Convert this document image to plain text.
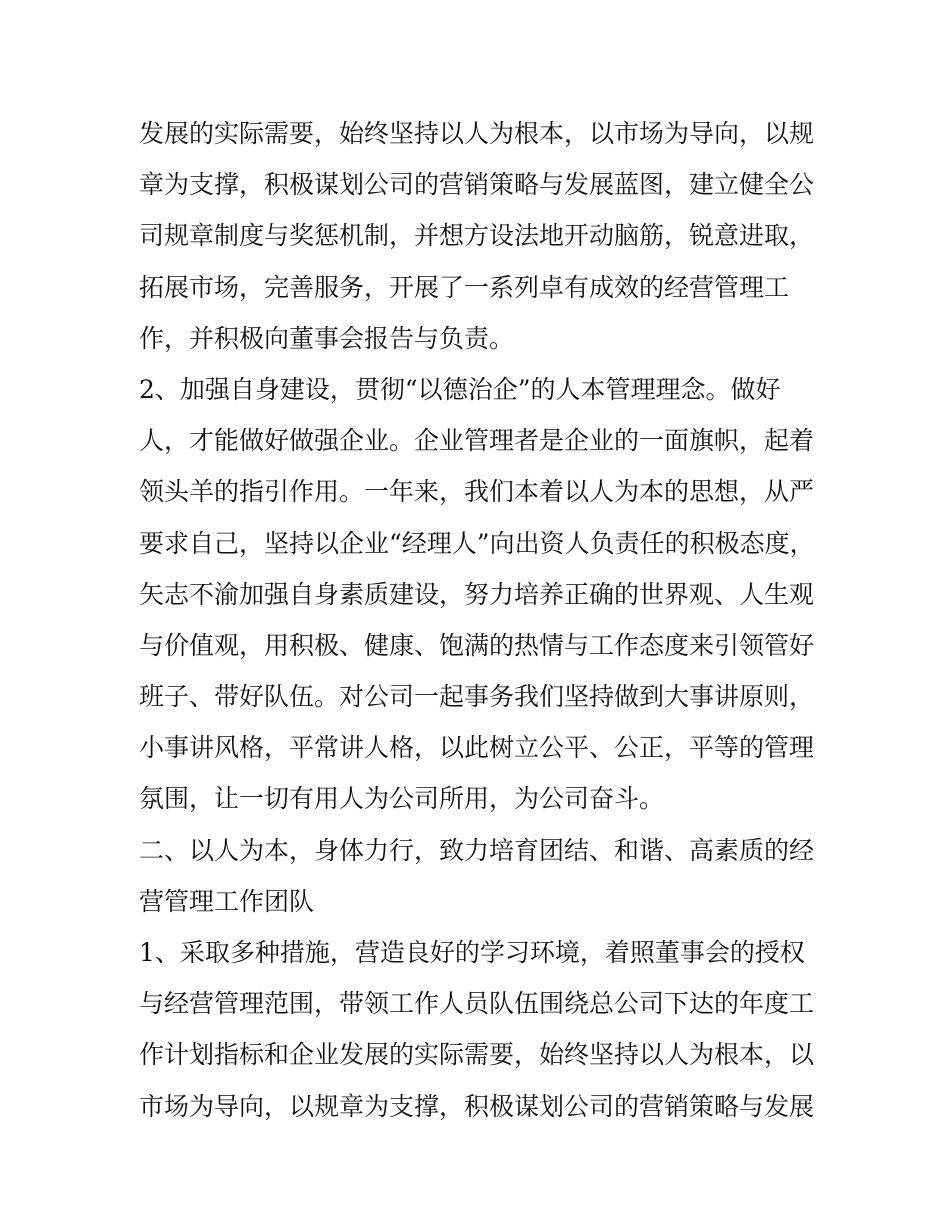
发展的实际需要，始终坚持以人为根本，以市场为导向，以规
章为支撑，积极谋划公司的营销策略与发展蓝图，建立健全公
司规章制度与奖惩机制，并想方设法地开动脑筋，锐意进取，
拓展市场，完善服务，开展了一系列卓有成效的经营管理工
作，并积极向董事会报告与负责。
2、加强自身建设，贯彻“以德治企”的人本管理理念。做好
人，才能做好做强企业。企业管理者是企业的一面旗帜，起着
领头羊的指引作用。一年来，我们本着以人为本的思想，从严
要求自己，坚持以企业“经理人”向出资人负责任的积极态度，
矢志不渝加强自身素质建设，努力培养正确的世界观、人生观
与价值观，用积极、健康、饱满的热情与工作态度来引领管好
班子、带好队伍。对公司一起事务我们坚持做到大事讲原则，
小事讲风格，平常讲人格，以此树立公平、公正，平等的管理
氛围，让一切有用人为公司所用，为公司奋斗。
二、以人为本，身体力行，致力培育团结、和谐、高素质的经
营管理工作团队
1、采取多种措施，营造良好的学习环境，着照董事会的授权
与经营管理范围，带领工作人员队伍围绕总公司下达的年度工
作计划指标和企业发展的实际需要，始终坚持以人为根本，以
市场为导向，以规章为支撑，积极谋划公司的营销策略与发展
